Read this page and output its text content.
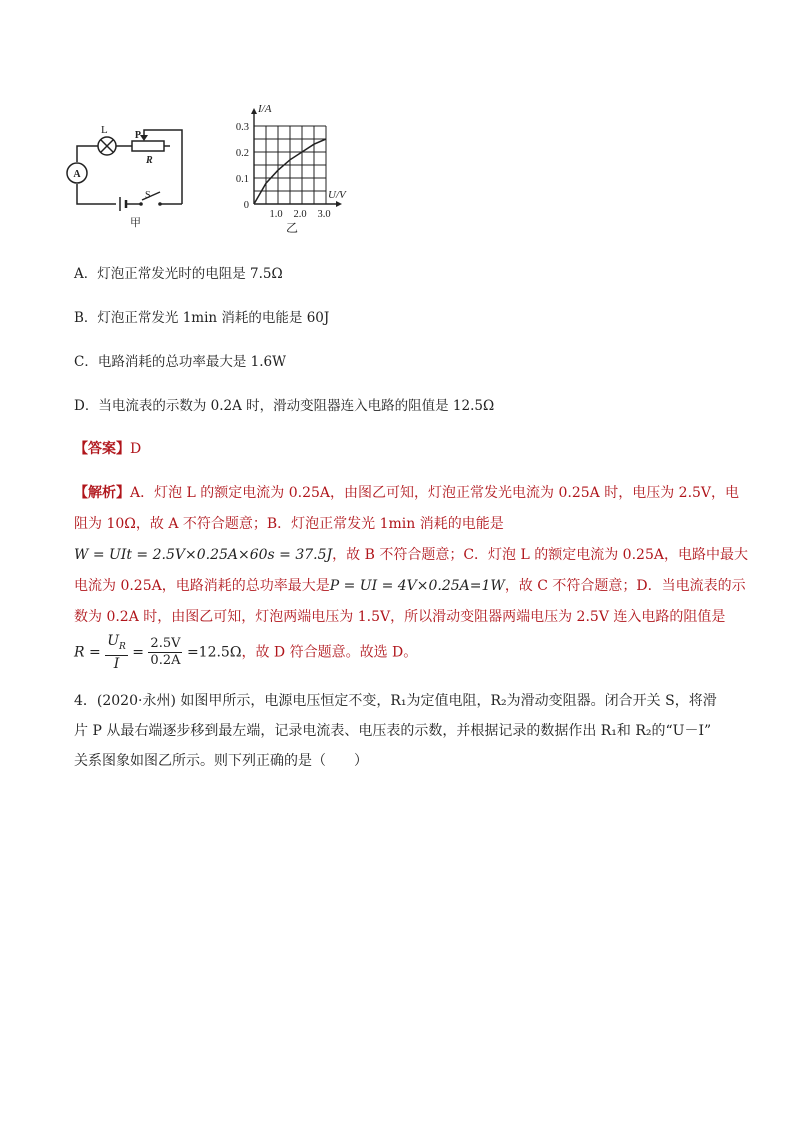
L	P
R
A
S
甲
I/A
U/V
0.3
0.2
0.1
0
1.0 2.0 3.0
乙
A．灯泡正常发光时的电阻是 7.5Ω
B．灯泡正常发光 1min 消耗的电能是 60J
C．电路消耗的总功率最大是 1.6W
D．当电流表的示数为 0.2A 时，滑动变阻器连入电路的阻值是 12.5Ω
【答案】D
【解析】A．灯泡 L 的额定电流为 0.25A，由图乙可知，灯泡正常发光电流为 0.25A 时，电压为 2.5V，电
阻为 10Ω，故 A 不符合题意；B．灯泡正常发光 1min 消耗的电能是
W = UIt = 2.5V×0.25A×60s = 37.5J，故 B 不符合题意；C．灯泡 L 的额定电流为 0.25A，电路中最大
电流为 0.25A，电路消耗的总功率最大是P = UI = 4V×0.25A=1W，故 C 不符合题意；D．当电流表的示
数为 0.2A 时，由图乙可知，灯泡两端电压为 1.5V，所以滑动变阻器两端电压为 2.5V 连入电路的阻值是
$R = \frac{U_R}{I} = \frac{2.5V}{0.2A} =12.5\Omega$，故 D 符合题意。故选 D。
4．(2020·永州) 如图甲所示，电源电压恒定不变，R₁为定值电阻，R₂为滑动变阻器。闭合开关 S，将滑
片 P 从最右端逐步移到最左端，记录电流表、电压表的示数，并根据记录的数据作出 R₁和 R₂的“U－I”
关系图象如图乙所示。则下列正确的是（　　）
